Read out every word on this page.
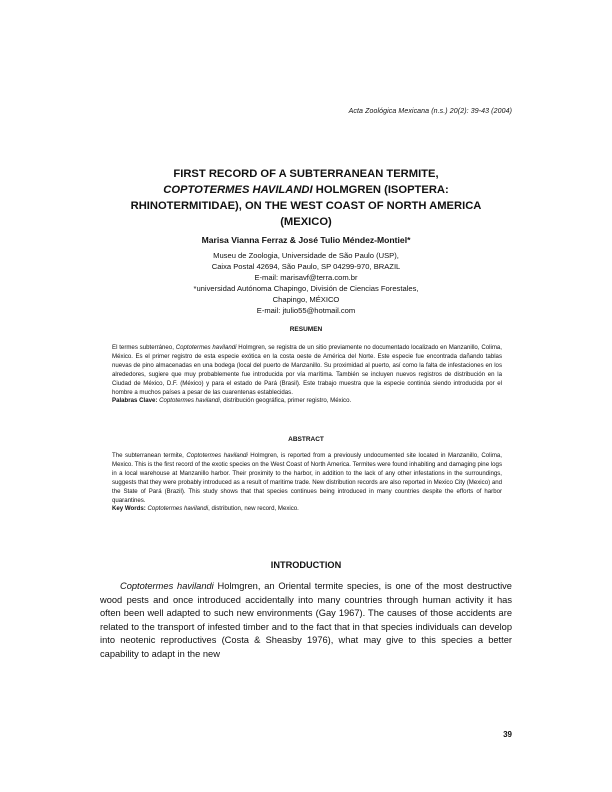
Acta Zoológica Mexicana (n.s.) 20(2): 39-43 (2004)
FIRST RECORD OF A SUBTERRANEAN TERMITE,
COPTOTERMES HAVILANDI HOLMGREN (ISOPTERA:
RHINOTERMITIDAE), ON THE WEST COAST OF NORTH AMERICA
(MEXICO)
Marisa Vianna Ferraz & José Tulio Méndez-Montiel*
Museu de Zoologia, Universidade de São Paulo (USP),
Caixa Postal 42694, São Paulo, SP 04299-970, BRAZIL
E-mail: marisavf@terra.com.br
*universidad Autónoma Chapingo, División de Ciencias Forestales,
Chapingo, MÉXICO
E-mail: jtulio55@hotmail.com
RESUMEN
El termes subterráneo, Coptotermes havilandi Holmgren, se registra de un sitio previamente no documentado localizado en Manzanillo, Colima, México. Es el primer registro de esta especie exótica en la costa oeste de América del Norte. Este especie fue encontrada dañando tablas nuevas de pino almacenadas en una bodega (local del puerto de Manzanillo. Su proximidad al puerto, así como la falta de infestaciones en los alrededores, sugiere que muy probablemente fue introducida por vía marítima. También se incluyen nuevos registros de distribución en la Ciudad de México, D.F. (México) y para el estado de Pará (Brasil). Este trabajo muestra que la especie continúa siendo introducida por el hombre a muchos países a pesar de las cuarentenas establecidas.
Palabras Clave: Coptotermes havilandi, distribución geográfica, primer registro, México.
ABSTRACT
The subterranean termite, Coptotermes havilandi Holmgren, is reported from a previously undocumented site located in Manzanillo, Colima, Mexico. This is the first record of the exotic species on the West Coast of North America. Termites were found inhabiting and damaging pine logs in a local warehouse at Manzanillo harbor. Their proximity to the harbor, in addition to the lack of any other infestations in the surroundings, suggests that they were probably introduced as a result of maritime trade. New distribution records are also reported in Mexico City (Mexico) and the State of Pará (Brazil). This study shows that that species continues being introduced in many countries despite the efforts of harbor quarantines.
Key Words: Coptotermes havilandi, distribution, new record, Mexico.
INTRODUCTION
Coptotermes havilandi Holmgren, an Oriental termite species, is one of the most destructive wood pests and once introduced accidentally into many countries through human activity it has often been well adapted to such new environments (Gay 1967). The causes of those accidents are related to the transport of infested timber and to the fact that in that species individuals can develop into neotenic reproductives (Costa & Sheasby 1976), what may give to this species a better capability to adapt in the new
39
